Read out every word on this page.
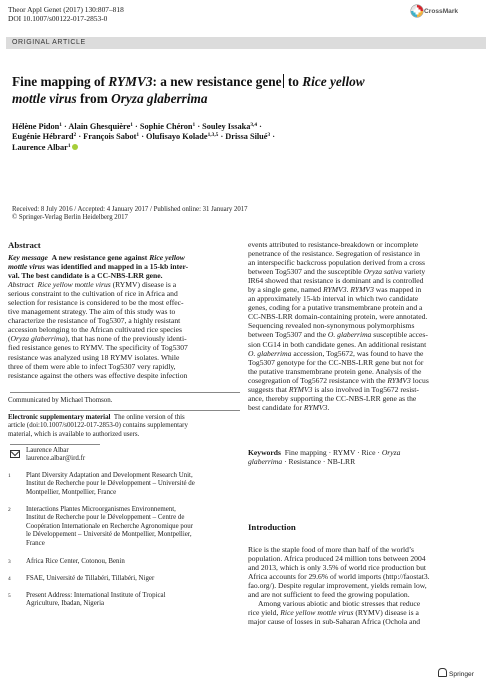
Theor Appl Genet (2017) 130:807–818
DOI 10.1007/s00122-017-2853-0
CrossMark
ORIGINAL ARTICLE
Fine mapping of RYMV3: a new resistance gene to Rice yellow
mottle virus from Oryza glaberrima
Hélène Pidon$^1$ · Alain Ghesquière$^1$ · Sophie Chéron$^1$ · Souley Issaka$^{3,4}$ ·
Eugénie Hébrard$^2$ · François Sabot$^1$ · Olufisayo Kolade$^{1,3,5}$ · Drissa Silué$^3$ ·
Laurence Albar$^1$
Received: 8 July 2016 / Accepted: 4 January 2017 / Published online: 31 January 2017
© Springer-Verlag Berlin Heidelberg 2017
Abstract
Key message A new resistance gene against Rice yellow
mottle virus was identified and mapped in a 15-kb inter-
val. The best candidate is a CC-NBS-LRR gene.
Abstract Rice yellow mottle virus (RYMV) disease is a
serious constraint to the cultivation of rice in Africa and
selection for resistance is considered to be the most effec-
tive management strategy. The aim of this study was to
characterize the resistance of Tog5307, a highly resistant
accession belonging to the African cultivated rice species
(Oryza glaberrima), that has none of the previously identi-
fied resistance genes to RYMV. The specificity of Tog5307
resistance was analyzed using 18 RYMV isolates. While
three of them were able to infect Tog5307 very rapidly,
resistance against the others was effective despite infection
Communicated by Michael Thomson.
Electronic supplementary material The online version of this
article (doi:10.1007/s00122-017-2853-0) contains supplementary
material, which is available to authorized users.
Laurence Albar
laurence.albar@ird.fr
1 Plant Diversity Adaptation and Development Research Unit,
Institut de Recherche pour le Développement – Université de
Montpellier, Montpellier, France
2 Interactions Plantes Microorganismes Environnement,
Institut de Recherche pour le Développement – Centre de
Coopération Internationale en Recherche Agronomique pour
le Développement – Université de Montpellier, Montpellier,
France
3 Africa Rice Center, Cotonou, Benin
4 FSAE, Université de Tillabéri, Tillabéri, Niger
5 Present Address: International Institute of Tropical
Agriculture, Ibadan, Nigeria
events attributed to resistance-breakdown or incomplete
penetrance of the resistance. Segregation of resistance in
an interspecific backcross population derived from a cross
between Tog5307 and the susceptible Oryza sativa variety
IR64 showed that resistance is dominant and is controlled
by a single gene, named RYMV3. RYMV3 was mapped in
an approximately 15-kb interval in which two candidate
genes, coding for a putative transmembrane protein and a
CC-NBS-LRR domain-containing protein, were annotated.
Sequencing revealed non-synonymous polymorphisms
between Tog5307 and the O. glaberrima susceptible acces-
sion CG14 in both candidate genes. An additional resistant
O. glaberrima accession, Tog5672, was found to have the
Tog5307 genotype for the CC-NBS-LRR gene but not for
the putative transmembrane protein gene. Analysis of the
cosegregation of Tog5672 resistance with the RYMV3 locus
suggests that RYMV3 is also involved in Tog5672 resist-
ance, thereby supporting the CC-NBS-LRR gene as the
best candidate for RYMV3.
Keywords Fine mapping · RYMV · Rice · Oryza
glaberrima · Resistance · NB-LRR
Introduction
Rice is the staple food of more than half of the world’s
population. Africa produced 24 million tons between 2004
and 2013, which is only 3.5% of world rice production but
Africa accounts for 29.6% of world imports (http://faostat3.
fao.org/). Despite regular improvement, yields remain low,
and are not sufficient to feed the growing population.
Among various abiotic and biotic stresses that reduce
rice yield, Rice yellow mottle virus (RYMV) disease is a
major cause of losses in sub-Saharan Africa (Ochola and
Springer
